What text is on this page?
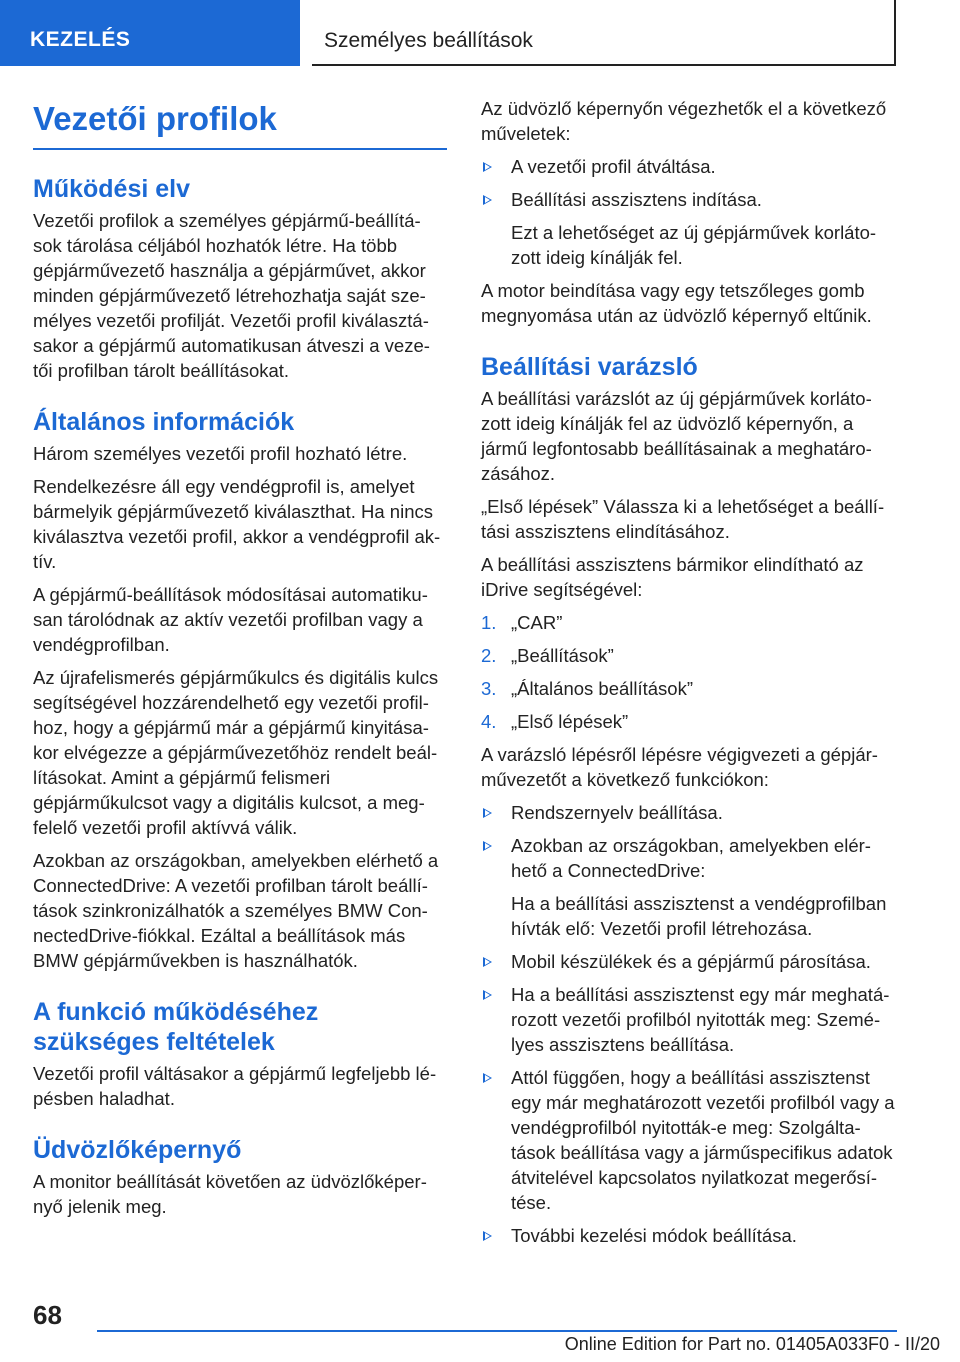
KEZELÉS	Személyes beállítások
Vezetői profilok
Működési elv

Vezetői profilok a személyes gépjármű-beállítá-sok tárolása céljából hozhatók létre. Ha több gépjárművezető használja a gépjárművet, akkor minden gépjárművezető létrehozhatja saját sze-mélyes vezetői profilját. Vezetői profil kiválasztá-sakor a gépjármű automatikusan átveszi a veze-tői profilban tárolt beállításokat.

Általános információk

Három személyes vezetői profil hozható létre.

Rendelkezésre áll egy vendégprofil is, amelyet bármelyik gépjárművezető kiválaszthat. Ha nincs kiválasztva vezetői profil, akkor a vendégprofil ak-tív.

A gépjármű-beállítások módosításai automatiku-san tárolódnak az aktív vezetői profilban vagy a vendégprofilban.

Az újrafelismerés gépjárműkulcs és digitális kulcs segítségével hozzárendelhető egy vezetői profil-hoz, hogy a gépjármű már a gépjármű kinyitása-kor elvégezze a gépjárművezetőhöz rendelt beál-lításokat. Amint a gépjármű felismeri gépjárműkulcsot vagy a digitális kulcsot, a meg-felelő vezetői profil aktívvá válik.

Azokban az országokban, amelyekben elérhető a ConnectedDrive: A vezetői profilban tárolt beállí-tások szinkronizálhatók a személyes BMW Con-nectedDrive-fiókkal. Ezáltal a beállítások más BMW gépjárművekben is használhatók.

A funkció működéséhez szükséges feltételek

Vezetői profil váltásakor a gépjármű legfeljebb lé-pésben haladhat.

Üdvözlőképernyő

A monitor beállítását követően az üdvözlőképer-nyő jelenik meg.

Az üdvözlő képernyőn végezhetők el a következő műveletek:

A vezetői profil átváltása.
Beállítási asszisztens indítása.

Ezt a lehetőséget az új gépjárművek korláto-zott ideig kínálják fel.

A motor beindítása vagy egy tetszőleges gomb megnyomása után az üdvözlő képernyő eltűnik.

Beállítási varázsló

A beállítási varázslót az új gépjárművek korláto-zott ideig kínálják fel az üdvözlő képernyőn, a jármű legfontosabb beállításainak a meghatáro-zásához.

„Első lépések” Válassza ki a lehetőséget a beállí-tási asszisztens elindításához.

A beállítási asszisztens bármikor elindítható az iDrive segítségével:

1. „CAR”
2. „Beállítások”
3. „Általános beállítások”
4. „Első lépések”

A varázsló lépésről lépésre végigvezeti a gépjár-művezetőt a következő funkciókon:

Rendszernyelv beállítása.
Azokban az országokban, amelyekben elér-hető a ConnectedDrive:

Ha a beállítási asszisztenst a vendégprofilban hívták elő: Vezetői profil létrehozása.

Mobil készülékek és a gépjármű párosítása.
Ha a beállítási asszisztenst egy már meghatá-rozott vezetői profilból nyitották meg: Szemé-lyes asszisztens beállítása.
Attól függően, hogy a beállítási asszisztenst egy már meghatározott vezetői profilból vagy a vendégprofilból nyitották-e meg: Szolgálta-tások beállítása vagy a járműspecifikus adatok átvitelével kapcsolatos nyilatkozat megerősí-tése.
További kezelési módok beállítása.
68
Online Edition for Part no. 01405A033F0 - II/20
